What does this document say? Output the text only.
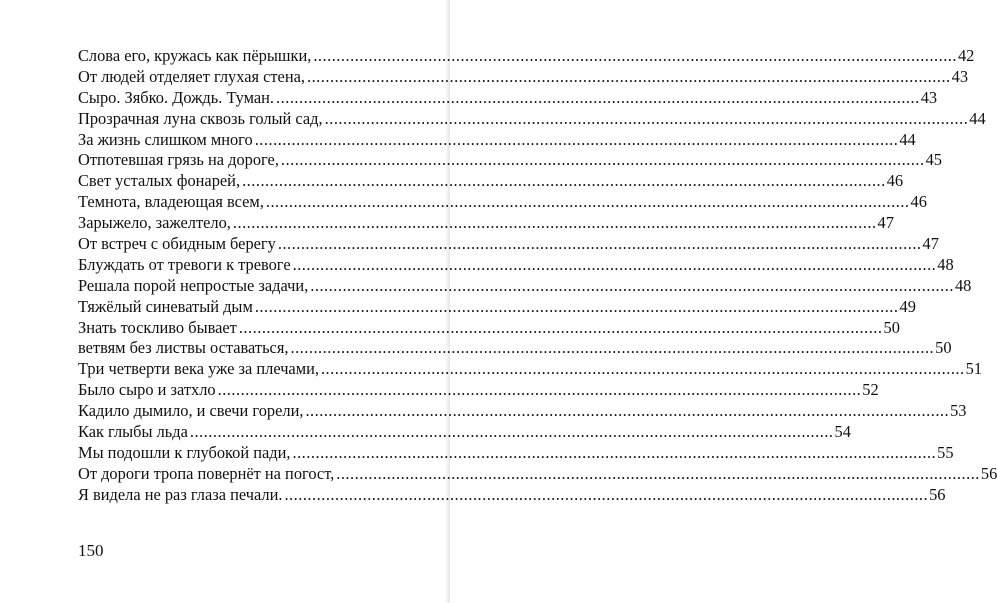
Слова его, кружась как пёрышки, .....	42
От людей отделяет глухая стена, .....	43
Сыро. Зябко. Дождь. Туман. .....	43
Прозрачная луна сквозь голый сад, .....	44
За жизнь слишком много .....	44
Отпотевшая грязь на дороге, .....	45
Свет усталых фонарей, .....	46
Темнота, владеющая всем, .....	46
Зарыжело, зажелтело, .....	47
От встреч с обидным берегу .....	47
Блуждать от тревоги к тревоге .....	48
Решала порой непростые задачи, .....	48
Тяжёлый синеватый дым .....	49
Знать тоскливо бывает .....	50
ветвям без листвы оставаться, .....	50
Три четверти века уже за плечами, .....	51
Было сыро и затхло .....	52
Кадило дымило, и свечи горели, .....	53
Как глыбы льда .....	54
Мы подошли к глубокой пади, .....	55
От дороги тропа повернёт на погост, .....	56
Я видела не раз глаза печали. .....	56
150
